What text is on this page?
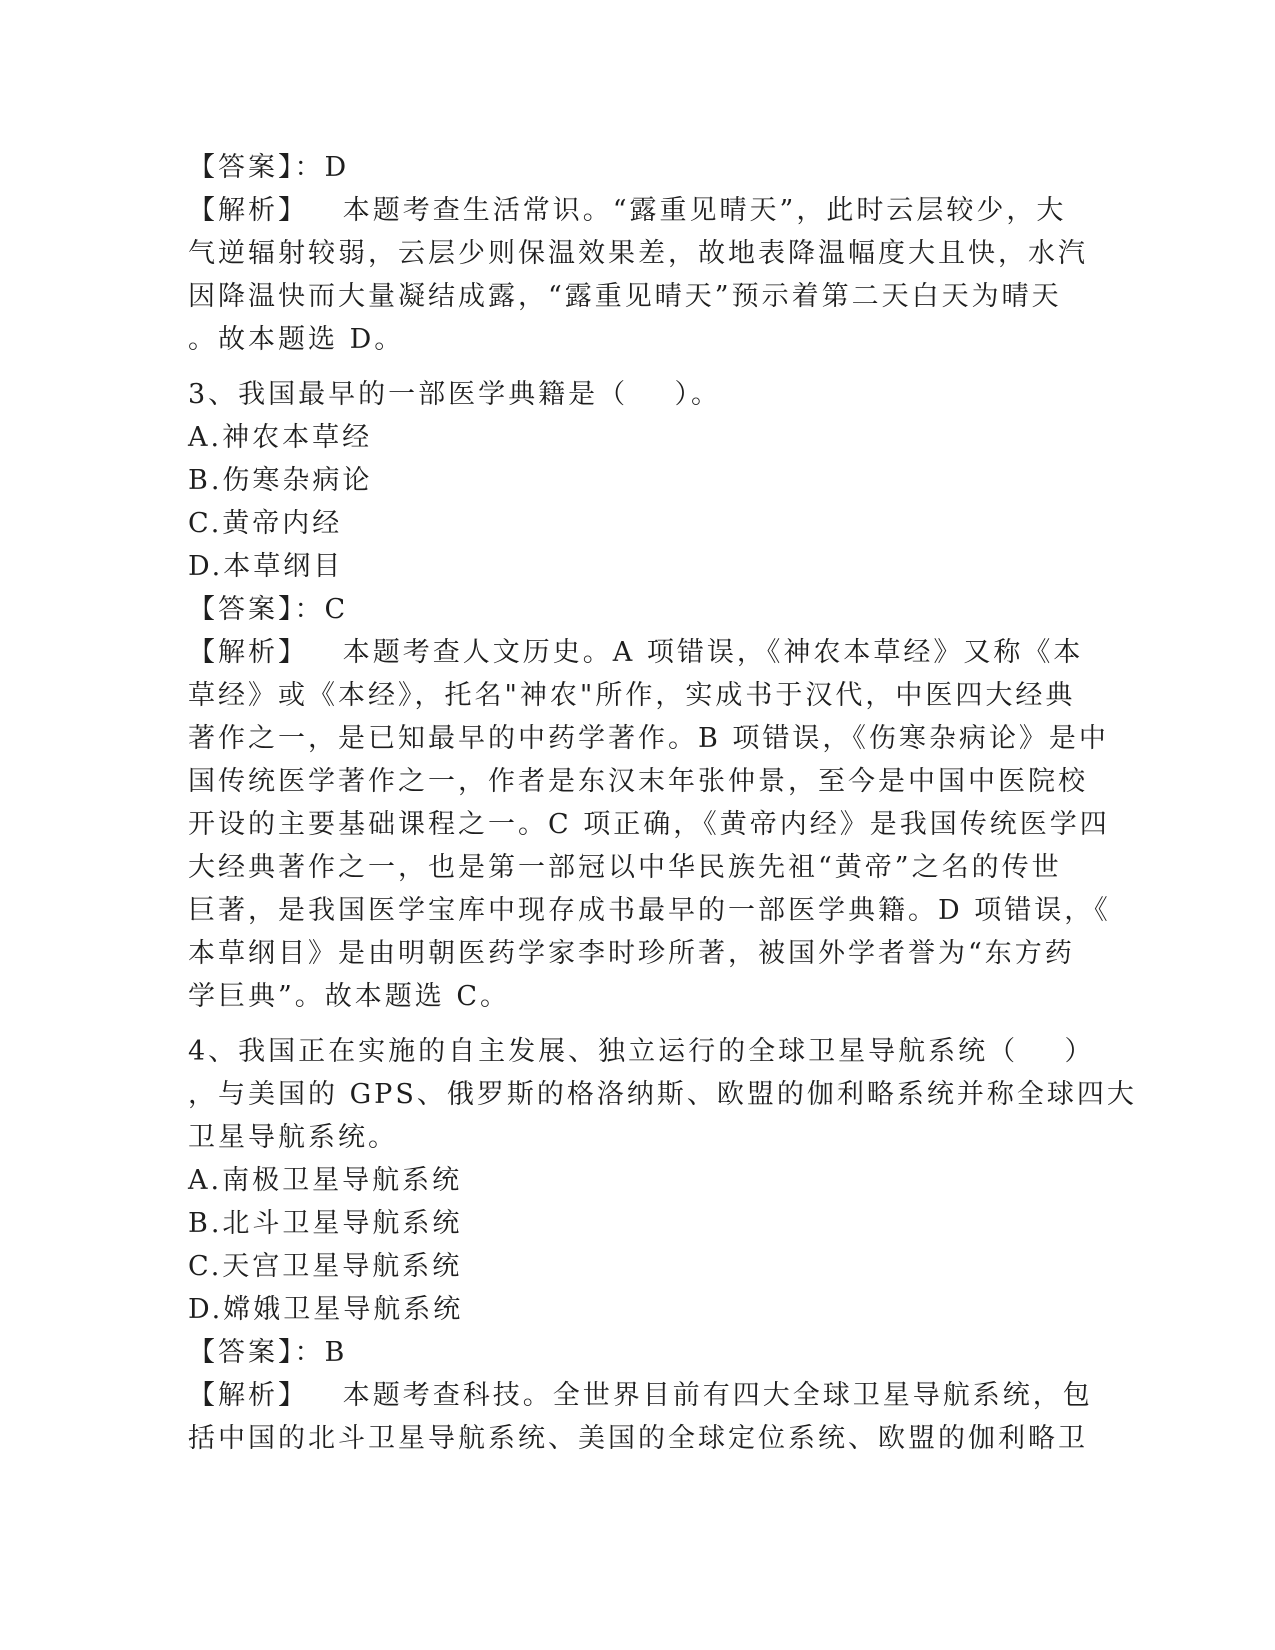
【答案】：D
【解析】   本题考查生活常识。“露重见晴天”，此时云层较少，大
气逆辐射较弱，云层少则保温效果差，故地表降温幅度大且快，水汽
因降温快而大量凝结成露，“露重见晴天”预示着第二天白天为晴天
。故本题选 D。
3、我国最早的一部医学典籍是（    ）。
A.神农本草经
B.伤寒杂病论
C.黄帝内经
D.本草纲目
【答案】：C
【解析】   本题考查人文历史。A 项错误，《神农本草经》又称《本
草经》或《本经》，托名"神农"所作，实成书于汉代，中医四大经典
著作之一，是已知最早的中药学著作。B 项错误，《伤寒杂病论》是中
国传统医学著作之一，作者是东汉末年张仲景，至今是中国中医院校
开设的主要基础课程之一。C 项正确，《黄帝内经》是我国传统医学四
大经典著作之一，也是第一部冠以中华民族先祖“黄帝”之名的传世
巨著，是我国医学宝库中现存成书最早的一部医学典籍。D 项错误，《
本草纲目》是由明朝医药学家李时珍所著，被国外学者誉为“东方药
学巨典”。故本题选 C。
4、我国正在实施的自主发展、独立运行的全球卫星导航系统（    ）
，与美国的 GPS、俄罗斯的格洛纳斯、欧盟的伽利略系统并称全球四大
卫星导航系统。
A.南极卫星导航系统
B.北斗卫星导航系统
C.天宫卫星导航系统
D.嫦娥卫星导航系统
【答案】：B
【解析】   本题考查科技。全世界目前有四大全球卫星导航系统，包
括中国的北斗卫星导航系统、美国的全球定位系统、欧盟的伽利略卫
